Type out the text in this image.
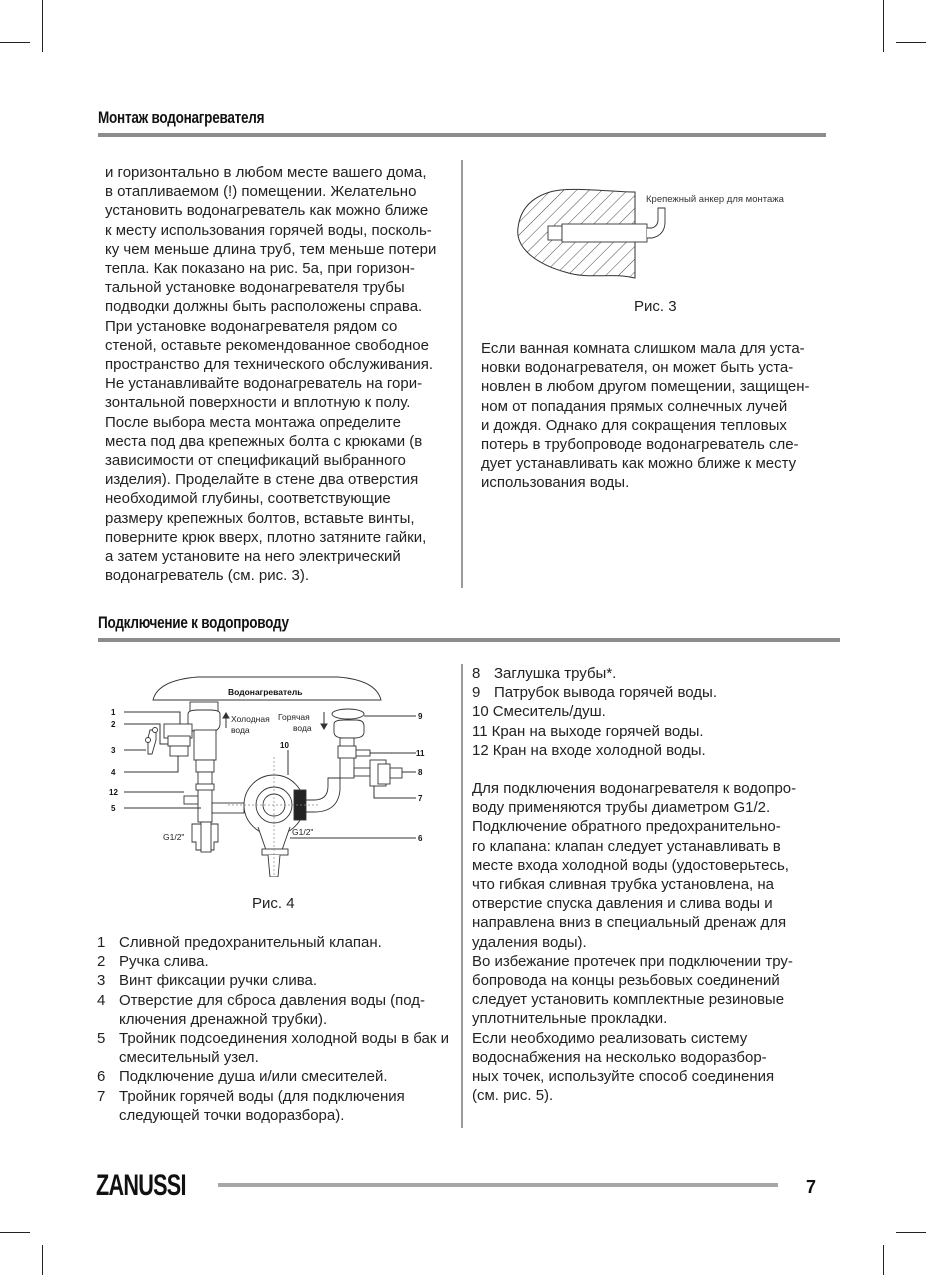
Монтаж водонагревателя
и горизонтально в любом месте вашего дома,
в отапливаемом (!) помещении. Желательно
установить водонагреватель как можно ближе
к месту использования горячей воды, посколь-
ку чем меньше длина труб, тем меньше потери
тепла. Как показано на рис. 5а, при горизон-
тальной установке водонагревателя трубы
подводки должны быть расположены справа.
При установке водонагревателя рядом со
стеной, оставьте рекомендованное свободное
пространство для технического обслуживания.
Не устанавливайте водонагреватель на гори-
зонтальной поверхности и вплотную к полу.
После выбора места монтажа определите
места под два крепежных болта с крюками (в
зависимости от спецификаций выбранного
изделия). Проделайте в стене два отверстия
необходимой глубины, соответствующие
размеру крепежных болтов, вставьте винты,
поверните крюк вверх, плотно затяните гайки,
а затем установите на него электрический
водонагреватель (см. рис. 3).
Крепежный анкер для монтажа
Рис. 3
Если ванная комната слишком мала для уста-
новки водонагревателя, он может быть уста-
новлен в любом другом помещении, защищен-
ном от попадания прямых солнечных лучей
и дождя. Однако для сокращения тепловых
потерь в трубопроводе водонагреватель сле-
дует устанавливать как можно ближе к месту
использования воды.
Подключение к водопроводу
1
2
3
4
12
5
9
10
11
8
7
6
Водонагреватель
Холодная
вода
Горячая
вода
G1/2"	G1/2"
Рис. 4
1 Сливной предохранительный клапан.
2 Ручка слива.
3 Винт фиксации ручки слива.
4 Отверстие для сброса давления воды (под-ключения дренажной трубки).
5 Тройник подсоединения холодной воды в бак и смесительный узел.
6 Подключение душа и/или смесителей.
7 Тройник горячей воды (для подключения следующей точки водоразбора).
8 Заглушка трубы*.
9 Патрубок вывода горячей воды.
10 Смеситель/душ.
11 Кран на выходе горячей воды.
12 Кран на входе холодной воды.
Для подключения водонагревателя к водопро-
воду применяются трубы диаметром G1/2.
Подключение обратного предохранительно-
го клапана: клапан следует устанавливать в
месте входа холодной воды (удостоверьтесь,
что гибкая сливная трубка установлена, на
отверстие спуска давления и слива воды и
направлена вниз в специальный дренаж для
удаления воды).
Во избежание протечек при подключении тру-
бопровода на концы резьбовых соединений
следует установить комплектные резиновые
уплотнительные прокладки.
Если необходимо реализовать систему
водоснабжения на несколько водоразбор-
ных точек, используйте способ соединения
(см. рис. 5).
ZANUSSI	7
